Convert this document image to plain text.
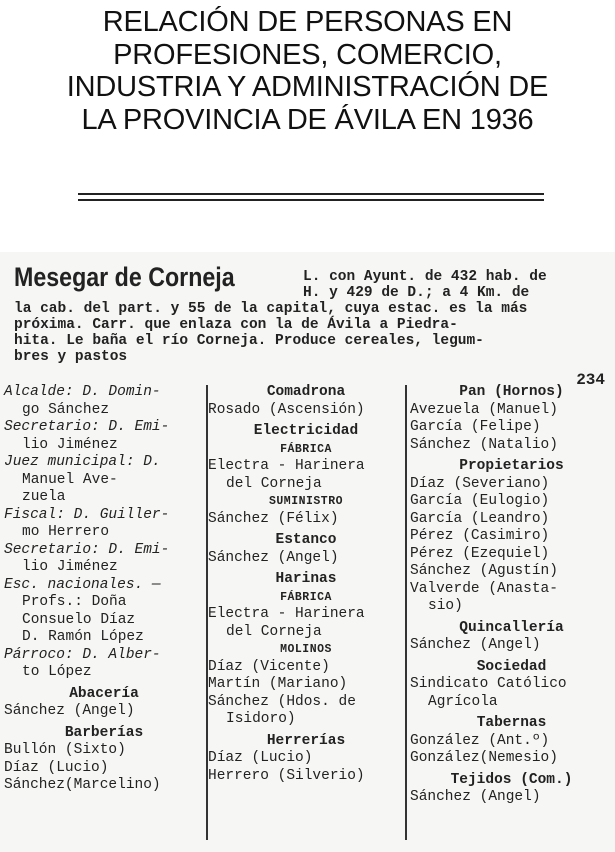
RELACIÓN DE PERSONAS EN
PROFESIONES, COMERCIO,
INDUSTRIA Y ADMINISTRACIÓN DE
LA PROVINCIA DE ÁVILA EN 1936
Mesegar de Corneja	L. con Ayunt. de 432 hab. de
H. y 429 de D.; a 4 Km. de
la cab. del part. y 55 de la capital, cuya estac. es la más
próxima. Carr. que enlaza con la de Ávila a Piedra-
hita. Le baña el río Corneja. Produce cereales, legum-
bres y pastos
234
Alcalde: D. Domin-
go Sánchez
Secretario: D. Emi-
lio Jiménez
Juez municipal: D.
Manuel Ave-
zuela
Fiscal: D. Guiller-
mo Herrero
Secretario: D. Emi-
lio Jiménez
Esc. nacionales. —
Profs.: Doña
Consuelo Díaz
D. Ramón López
Párroco: D. Alber-
to López
Abacería
Sánchez (Angel)
Barberías
Bullón (Sixto)
Díaz (Lucio)
Sánchez(Marcelino)
Comadrona
Rosado (Ascensión)
Electricidad
FÁBRICA
Electra - Harinera
del Corneja
SUMINISTRO
Sánchez (Félix)
Estanco
Sánchez (Angel)
Harinas
FÁBRICA
Electra - Harinera
del Corneja
MOLINOS
Díaz (Vicente)
Martín (Mariano)
Sánchez (Hdos. de
Isidoro)
Herrerías
Díaz (Lucio)
Herrero (Silverio)
Pan (Hornos)
Avezuela (Manuel)
García (Felipe)
Sánchez (Natalio)
Propietarios
Díaz (Severiano)
García (Eulogio)
García (Leandro)
Pérez (Casimiro)
Pérez (Ezequiel)
Sánchez (Agustín)
Valverde (Anasta-
sio)
Quincallería
Sánchez (Angel)
Sociedad
Sindicato Católico
Agrícola
Tabernas
González (Ant.º)
González(Nemesio)
Tejidos (Com.)
Sánchez (Angel)
